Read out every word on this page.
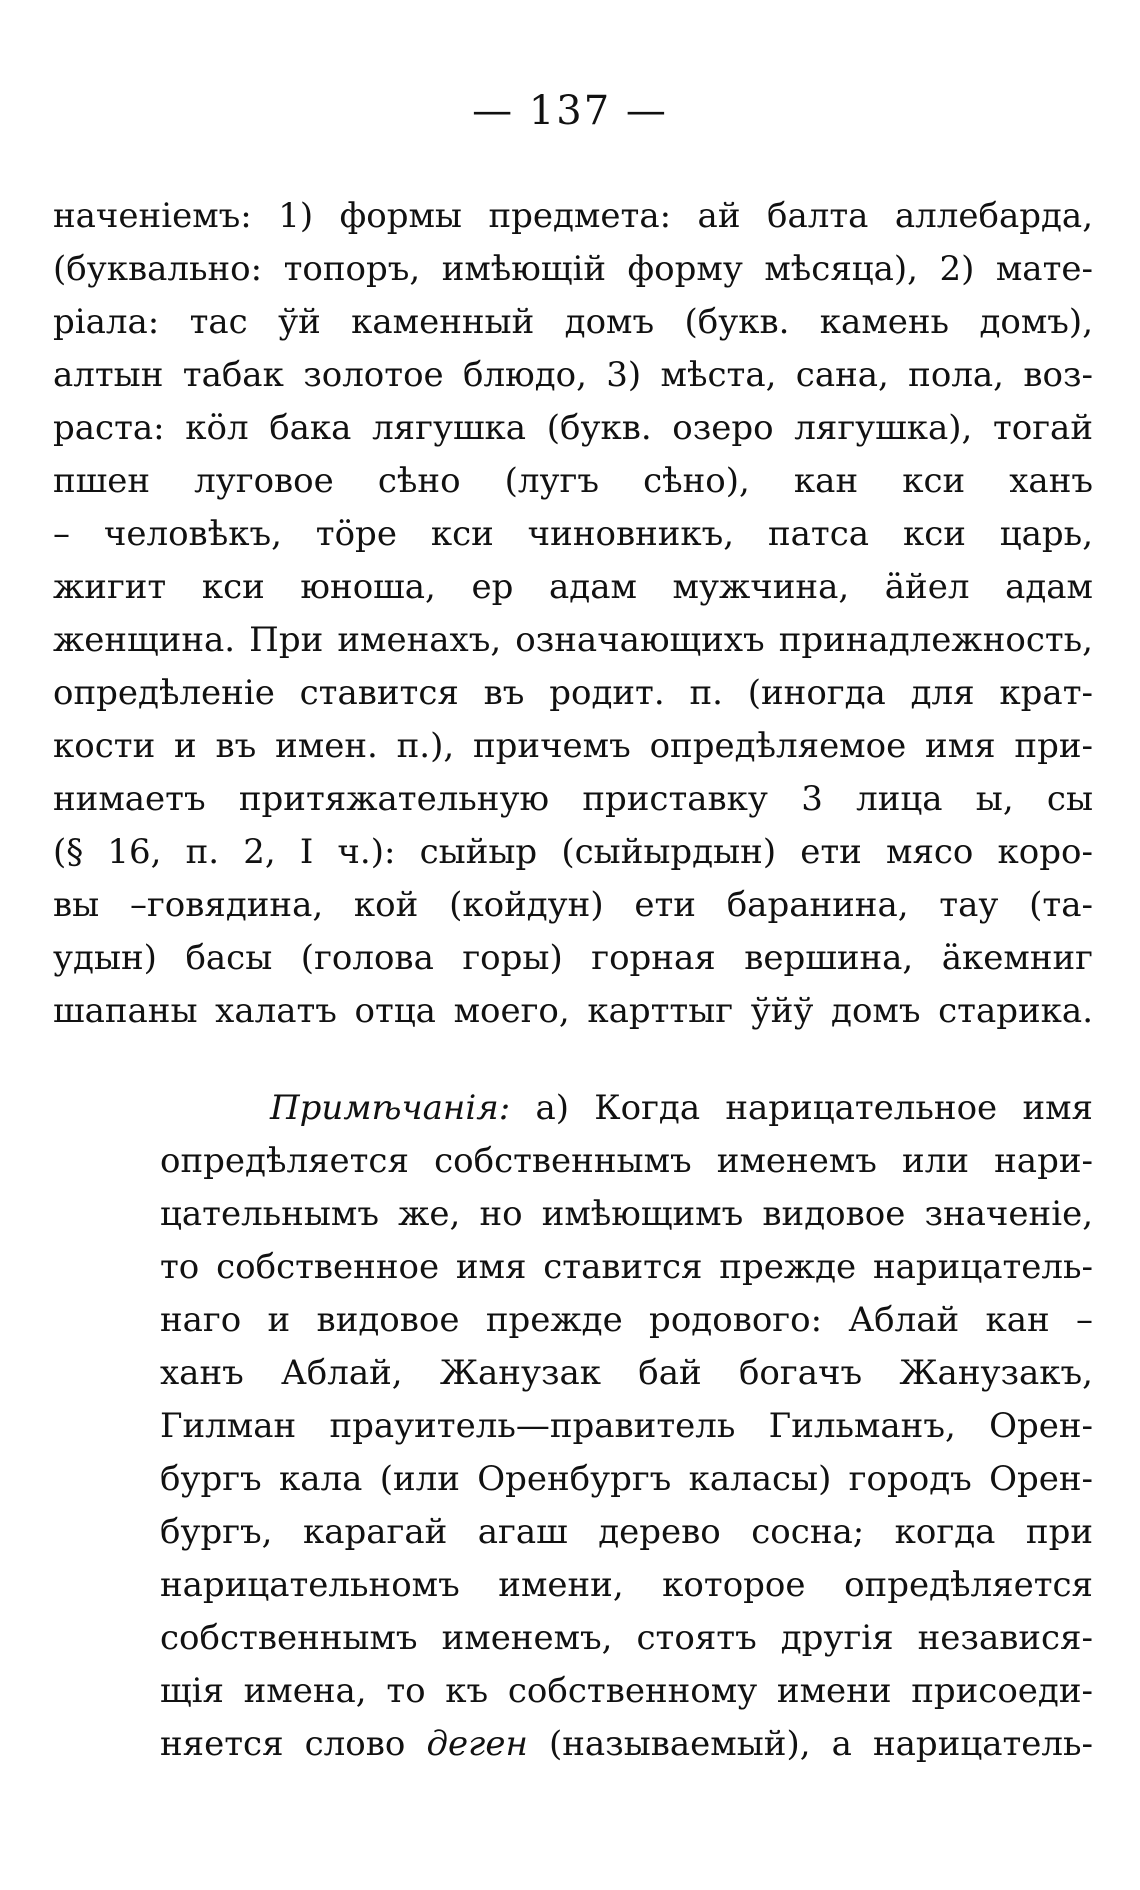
— 137 —
наченіемъ: 1) формы предмета: ай балта аллебарда,
(буквально: топоръ, имѣющій форму мѣсяца), 2) мате-
ріала: тас ўй каменный домъ (букв. камень домъ),
алтын табак золотое блюдо, 3) мѣста, сана, пола, воз-
раста: кöл бака лягушка (букв. озеро лягушка), тогай
пшен луговое сѣно (лугъ сѣно), кан кси ханъ
– человѣкъ, тöре кси чиновникъ, патса кси царь,
жигит кси юноша, ер адам мужчина, ӓйел адам
женщина. При именахъ, означающихъ принадлежность,
опредѣленіе ставится въ родит. п. (иногда для крат-
кости и въ имен. п.), причемъ опредѣляемое имя при-
нимаетъ притяжательную приставку 3 лица ы, сы
(§ 16, п. 2, I ч.): сыйыр (сыйырдын) ети мясо коро-
вы –говядина, кой (койдун) ети баранина, тау (та-
удын) басы (голова горы) горная вершина, ӓкемниг
шапаны халатъ отца моего, карттыг ўйў домъ старика.
Примѣчанія: а) Когда нарицательное имя
опредѣляется собственнымъ именемъ или нари-
цательнымъ же, но имѣющимъ видовое значеніе,
то собственное имя ставится прежде нарицатель-
наго и видовое прежде родового: Аблай кан –
ханъ Аблай, Жанузак бай богачъ Жанузакъ,
Гилман прауитель—правитель Гильманъ, Орен-
бургъ кала (или Оренбургъ каласы) городъ Орен-
бургъ, карагай агаш дерево сосна; когда при
нарицательномъ имени, которое опредѣляется
собственнымъ именемъ, стоятъ другія независя-
щія имена, то къ собственному имени присоеди-
няется слово деген (называемый), а нарицатель-
